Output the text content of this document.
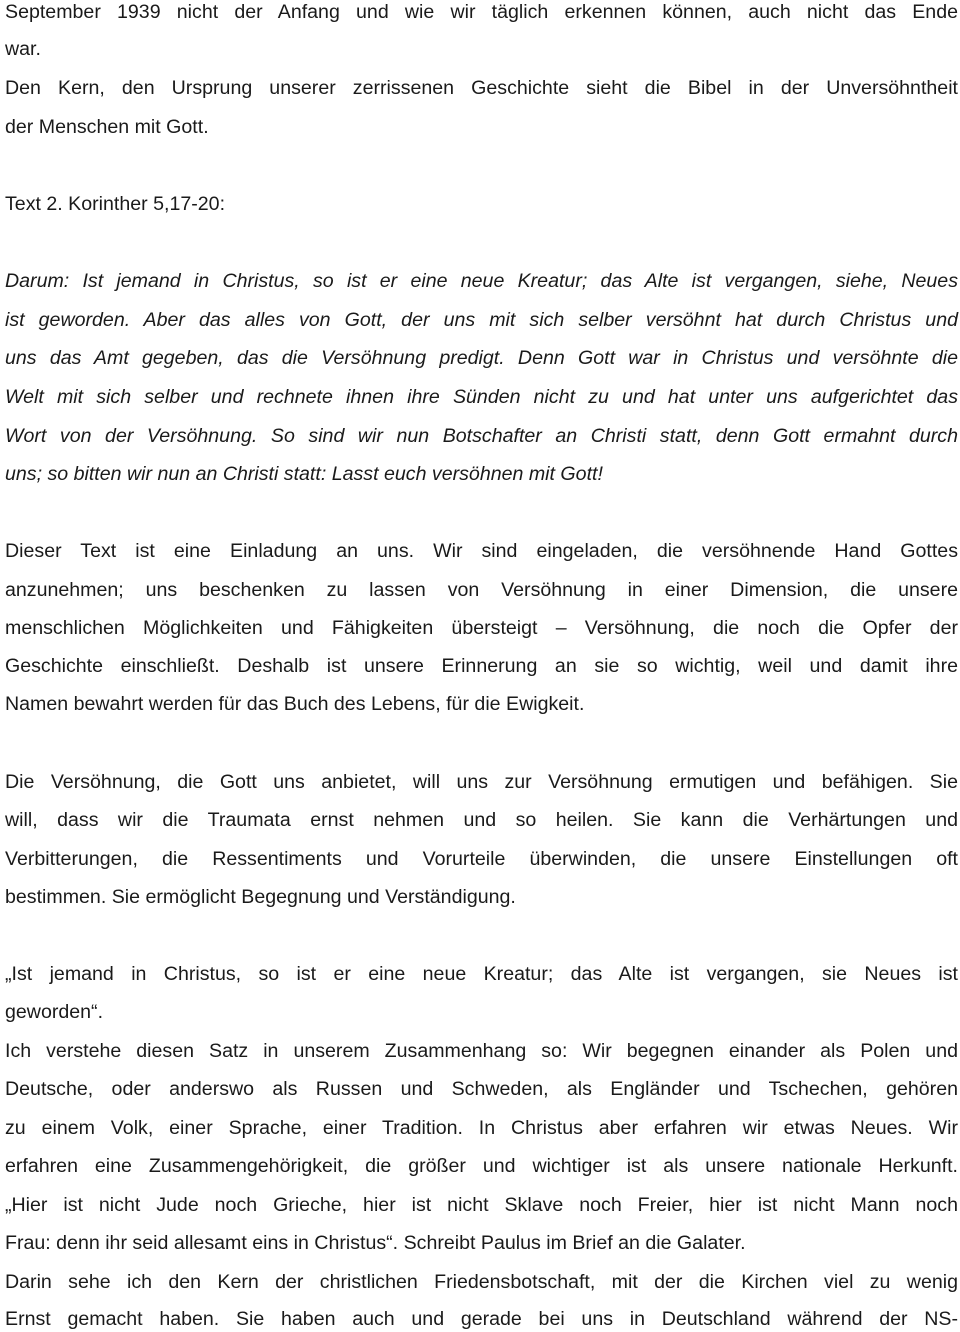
September 1939 nicht der Anfang und wie wir täglich erkennen können, auch nicht das Ende
war.
Den Kern, den Ursprung unserer zerrissenen Geschichte sieht die Bibel in der Unversöhntheit
der Menschen mit Gott.
Text 2. Korinther 5,17-20:
Darum: Ist jemand in Christus, so ist er eine neue Kreatur; das Alte ist vergangen, siehe, Neues
ist geworden. Aber das alles von Gott, der uns mit sich selber versöhnt hat durch Christus und
uns das Amt gegeben, das die Versöhnung predigt. Denn Gott war in Christus und versöhnte die
Welt mit sich selber und rechnete ihnen ihre Sünden nicht zu und hat unter uns aufgerichtet das
Wort von der Versöhnung. So sind wir nun Botschafter an Christi statt, denn Gott ermahnt durch
uns; so bitten wir nun an Christi statt: Lasst euch versöhnen mit Gott!
Dieser Text ist eine Einladung an uns. Wir sind eingeladen, die versöhnende Hand Gottes
anzunehmen; uns beschenken zu lassen von Versöhnung in einer Dimension, die unsere
menschlichen Möglichkeiten und Fähigkeiten übersteigt – Versöhnung, die noch die Opfer der
Geschichte einschließt. Deshalb ist unsere Erinnerung an sie so wichtig, weil und damit ihre
Namen bewahrt werden für das Buch des Lebens, für die Ewigkeit.
Die Versöhnung, die Gott uns anbietet, will uns zur Versöhnung ermutigen und befähigen. Sie
will, dass wir die Traumata ernst nehmen und so heilen. Sie kann die Verhärtungen und
Verbitterungen, die Ressentiments und Vorurteile überwinden, die unsere Einstellungen oft
bestimmen. Sie ermöglicht Begegnung und Verständigung.
„Ist jemand in Christus, so ist er eine neue Kreatur; das Alte ist vergangen, sie Neues ist
geworden“.
Ich verstehe diesen Satz in unserem Zusammenhang so: Wir begegnen einander als Polen und
Deutsche, oder anderswo als Russen und Schweden, als Engländer und Tschechen, gehören
zu einem Volk, einer Sprache, einer Tradition. In Christus aber erfahren wir etwas Neues. Wir
erfahren eine Zusammengehörigkeit, die größer und wichtiger ist als unsere nationale Herkunft.
„Hier ist nicht Jude noch Grieche, hier ist nicht Sklave noch Freier, hier ist nicht Mann noch
Frau: denn ihr seid allesamt eins in Christus“. Schreibt Paulus im Brief an die Galater.
Darin sehe ich den Kern der christlichen Friedensbotschaft, mit der die Kirchen viel zu wenig
Ernst gemacht haben. Sie haben auch und gerade bei uns in Deutschland während der NS-
